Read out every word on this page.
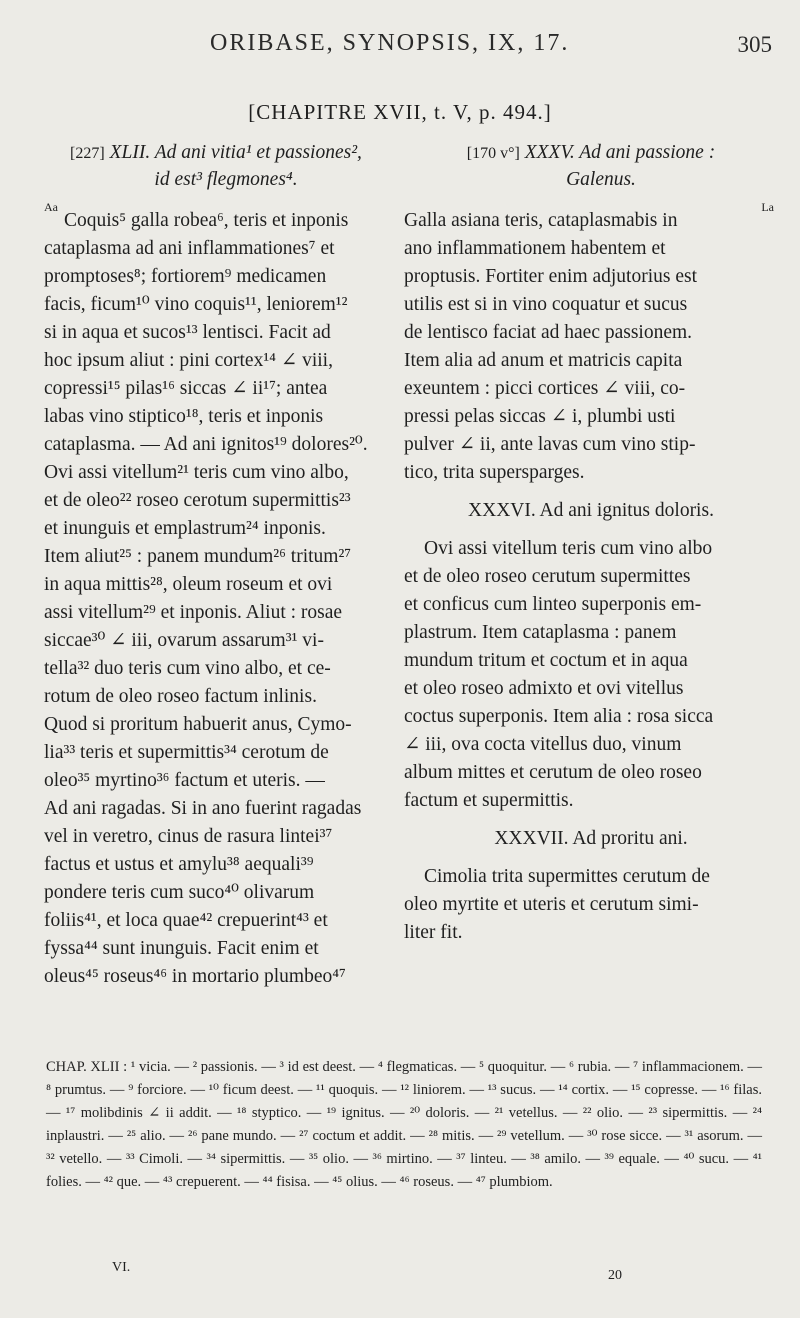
ORIBASE, SYNOPSIS, IX, 17.	305
[CHAPITRE XVII, t. V, p. 494.]
[227] XLII. Ad ani vitia¹ et passiones²,
id est³ flegmones⁴.
Aa
Coquis⁵ galla robea⁶, teris et inponis
cataplasma ad ani inflammationes⁷ et
promptoses⁸; fortiorem⁹ medicamen
facis, ficum¹⁰ vino coquis¹¹, leniorem¹²
si in aqua et sucos¹³ lentisci. Facit ad
hoc ipsum aliut : pini cortex¹⁴ ∠ viii,
copressi¹⁵ pilas¹⁶ siccas ∠ ii¹⁷; antea
labas vino stiptico¹⁸, teris et inponis
cataplasma. — Ad ani ignitos¹⁹ dolores²⁰.
Ovi assi vitellum²¹ teris cum vino albo,
et de oleo²² roseo cerotum supermittis²³
et inunguis et emplastrum²⁴ inponis.
Item aliut²⁵ : panem mundum²⁶ tritum²⁷
in aqua mittis²⁸, oleum roseum et ovi
assi vitellum²⁹ et inponis. Aliut : rosae
siccae³⁰ ∠ iii, ovarum assarum³¹ vi-
tella³² duo teris cum vino albo, et ce-
rotum de oleo roseo factum inlinis.
Quod si proritum habuerit anus, Cymo-
lia³³ teris et supermittis³⁴ cerotum de
oleo³⁵ myrtino³⁶ factum et uteris. —
Ad ani ragadas. Si in ano fuerint ragadas
vel in veretro, cinus de rasura lintei³⁷
factus et ustus et amylu³⁸ aequali³⁹
pondere teris cum suco⁴⁰ olivarum
foliis⁴¹, et loca quae⁴² crepuerint⁴³ et
fyssa⁴⁴ sunt inunguis. Facit enim et
oleus⁴⁵ roseus⁴⁶ in mortario plumbeo⁴⁷
[170 v°] XXXV. Ad ani passione :
Galenus.
La
Galla asiana teris, cataplasmabis in
ano inflammationem habentem et
proptusis. Fortiter enim adjutorius est
utilis est si in vino coquatur et sucus
de lentisco faciat ad haec passionem.
Item alia ad anum et matricis capita
exeuntem : picci cortices ∠ viii, co-
pressi pelas siccas ∠ i, plumbi usti
pulver ∠ ii, ante lavas cum vino stip-
tico, trita supersparges.
XXXVI. Ad ani ignitus doloris.
Ovi assi vitellum teris cum vino albo
et de oleo roseo cerutum supermittes
et conficus cum linteo superponis em-
plastrum. Item cataplasma : panem
mundum tritum et coctum et in aqua
et oleo roseo admixto et ovi vitellus
coctus superponis. Item alia : rosa sicca
∠ iii, ova cocta vitellus duo, vinum
album mittes et cerutum de oleo roseo
factum et supermittis.
XXXVII. Ad proritu ani.
Cimolia trita supermittes cerutum de
oleo myrtite et uteris et cerutum simi-
liter fit.
CHAP. XLII : ¹ vicia. — ² passionis. — ³ id est deest. — ⁴ flegmaticas. — ⁵ quoquitur. — ⁶ rubia. — ⁷ inflammacionem. — ⁸ prumtus. — ⁹ forciore. — ¹⁰ ficum deest. — ¹¹ quoquis. — ¹² liniorem. — ¹³ sucus. — ¹⁴ cortix. — ¹⁵ copresse. — ¹⁶ filas. — ¹⁷ molibdinis ∠ ii addit. — ¹⁸ styptico. — ¹⁹ ignitus. — ²⁰ doloris. — ²¹ vetellus. — ²² olio. — ²³ sipermittis. — ²⁴ inplaustri. — ²⁵ alio. — ²⁶ pane mundo. — ²⁷ coctum et addit. — ²⁸ mitis. — ²⁹ vetellum. — ³⁰ rose sicce. — ³¹ asorum. — ³² vetello. — ³³ Cimoli. — ³⁴ sipermittis. — ³⁵ olio. — ³⁶ mirtino. — ³⁷ linteu. — ³⁸ amilo. — ³⁹ equale. — ⁴⁰ sucu. — ⁴¹ folies. — ⁴² que. — ⁴³ crepuerent. — ⁴⁴ fisisa. — ⁴⁵ olius. — ⁴⁶ roseus. — ⁴⁷ plumbiom.
VI.
20
